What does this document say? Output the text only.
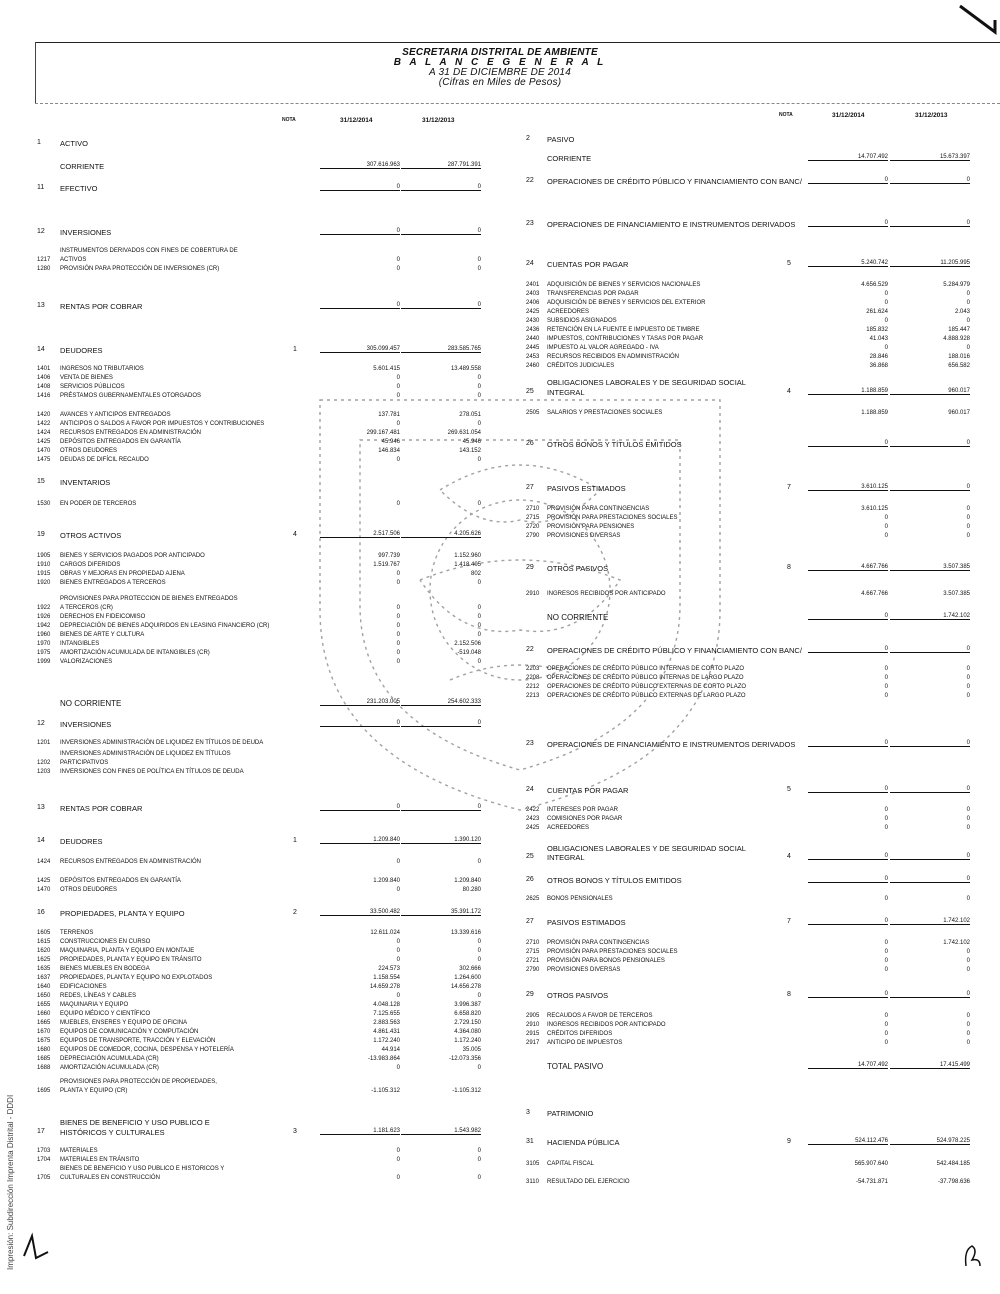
SECRETARIA DISTRITAL DE AMBIENTE
B A L A N C E G E N E R A L
A 31 DE DICIEMBRE DE 2014
(Cifras en Miles de Pesos)
NOTA	31/12/2014	31/12/2013
NOTA	31/12/2014	31/12/2013
1	ACTIVO
CORRIENTE	307.616.963	287.791.391
11 EFECTIVO	0	0
12 INVERSIONES	0	0
INSTRUMENTOS DERIVADOS CON FINES DE COBERTURA DE
1217 ACTIVOS	0	0
1280 PROVISIÓN PARA PROTECCIÓN DE INVERSIONES (CR)	0	0
13 RENTAS POR COBRAR	0	0
14 DEUDORES	1	305.099.457	283.585.765
1401 INGRESOS NO TRIBUTARIOS	5.601.415	13.489.558
1406 VENTA DE BIENES	0	0
1408 SERVICIOS PÚBLICOS	0	0
1416 PRÉSTAMOS GUBERNAMENTALES OTORGADOS	0	0
1420 AVANCES Y ANTICIPOS ENTREGADOS	137.781	278.051
1422 ANTICIPOS O SALDOS A FAVOR POR IMPUESTOS Y CONTRIBUCIONES	0	0
1424 RECURSOS ENTREGADOS EN ADMINISTRACIÓN	299.167.481	269.631.054
1425 DEPÓSITOS ENTREGADOS EN GARANTÍA	45.946	45.946
1470 OTROS DEUDORES	146.834	143.152
1475 DEUDAS DE DIFÍCIL RECAUDO	0	0
15 INVENTARIOS
1530 EN PODER DE TERCEROS	0	0
19 OTROS ACTIVOS	4	2.517.506	4.205.626
1905 BIENES Y SERVICIOS PAGADOS POR ANTICIPADO	997.739	1.152.960
1910 CARGOS DIFERIDOS	1.519.767	1.418.405
1915 OBRAS Y MEJORAS EN PROPIEDAD AJENA	0	802
1920 BIENES ENTREGADOS A TERCEROS	0	0
PROVISIONES PARA PROTECCION DE BIENES ENTREGADOS
1922 A TERCEROS (CR)	0	0
1926 DERECHOS EN FIDEICOMISO	0	0
1942 DEPRECIACIÓN DE BIENES ADQUIRIDOS EN LEASING FINANCIERO (CR)	0	0
1960 BIENES DE ARTE Y CULTURA	0	0
1970 INTANGIBLES	0	2.152.506
1975 AMORTIZACIÓN ACUMULADA DE INTANGIBLES (CR)	0	-519.048
1999 VALORIZACIONES	0	0
NO CORRIENTE	231.203.005	254.602.333
12 INVERSIONES	0	0
1201 INVERSIONES ADMINISTRACIÓN DE LIQUIDEZ EN TÍTULOS DE DEUDA
INVERSIONES ADMINISTRACIÓN DE LIQUIDEZ EN TÍTULOS
1202 PARTICIPATIVOS
1203 INVERSIONES CON FINES DE POLÍTICA EN TÍTULOS DE DEUDA
13 RENTAS POR COBRAR	0	0
14 DEUDORES	1	1.209.840	1.390.120
1424 RECURSOS ENTREGADOS EN ADMINISTRACIÓN	0	0
1425 DEPÓSITOS ENTREGADOS EN GARANTÍA	1.209.840	1.209.840
1470 OTROS DEUDORES	0	80.280
16 PROPIEDADES, PLANTA Y EQUIPO	2	33.500.482	35.391.172
1605 TERRENOS	12.611.024	13.339.616
1615 CONSTRUCCIONES EN CURSO	0	0
1620 MAQUINARIA, PLANTA Y EQUIPO EN MONTAJE	0	0
1625 PROPIEDADES, PLANTA Y EQUIPO EN TRÁNSITO	0	0
1635 BIENES MUEBLES EN BODEGA	224.573	302.666
1637 PROPIEDADES, PLANTA Y EQUIPO NO EXPLOTADOS	1.158.554	1.264.600
1640 EDIFICACIONES	14.659.278	14.656.278
1650 REDES, LÍNEAS Y CABLES	0	0
1655 MAQUINARIA Y EQUIPO	4.048.128	3.996.387
1660 EQUIPO MÉDICO Y CIENTÍFICO	7.125.655	6.658.820
1665 MUEBLES, ENSERES Y EQUIPO DE OFICINA	2.883.563	2.729.150
1670 EQUIPOS DE COMUNICACIÓN Y COMPUTACIÓN	4.861.431	4.364.080
1675 EQUIPOS DE TRANSPORTE, TRACCIÓN Y ELEVACIÓN	1.172.240	1.172.240
1680 EQUIPOS DE COMEDOR, COCINA, DESPENSA Y HOTELERÍA	44.914	35.005
1685 DEPRECIACIÓN ACUMULADA (CR)	-13.983.864	-12.073.356
1688 AMORTIZACIÓN ACUMULADA (CR)	0	0
PROVISIONES PARA PROTECCIÓN DE PROPIEDADES,
1695 PLANTA Y EQUIPO (CR)	-1.105.312	-1.105.312
BIENES DE BENEFICIO Y USO PUBLICO E
17 HISTÓRICOS Y CULTURALES	3	1.181.623	1.543.982
1703 MATERIALES	0	0
1704 MATERIALES EN TRÁNSITO	0	0
BIENES DE BENEFICIO Y USO PUBLICO E HISTORICOS Y
1705 CULTURALES EN CONSTRUCCIÓN	0	0
2 PASIVO
CORRIENTE	14.707.492	15.673.397
22 OPERACIONES DE CRÉDITO PÚBLICO Y FINANCIAMIENTO CON BANC/	0	0
23 OPERACIONES DE FINANCIAMIENTO E INSTRUMENTOS DERIVADOS	0	0
24 CUENTAS POR PAGAR	5	5.240.742	11.205.995
2401 ADQUISICIÓN DE BIENES Y SERVICIOS NACIONALES	4.656.529	5.284.979
2403 TRANSFERENCIAS POR PAGAR	0	0
2406 ADQUISICIÓN DE BIENES Y SERVICIOS DEL EXTERIOR	0	0
2425 ACREEDORES	261.624	2.043
2430 SUBSIDIOS ASIGNADOS	0	0
2436 RETENCIÓN EN LA FUENTE E IMPUESTO DE TIMBRE	185.832	185.447
2440 IMPUESTOS, CONTRIBUCIONES Y TASAS POR PAGAR	41.043	4.888.928
2445 IMPUESTO AL VALOR AGREGADO - IVA	0	0
2453 RECURSOS RECIBIDOS EN ADMINISTRACIÓN	28.846	188.016
2460 CRÉDITOS JUDICIALES	36.868	656.582
OBLIGACIONES LABORALES Y DE SEGURIDAD SOCIAL
25 INTEGRAL	4	1.188.859	960.017
2505 SALARIOS Y PRESTACIONES SOCIALES	1.188.859	960.017
26 OTROS BONOS Y TÍTULOS EMITIDOS	0	0
27 PASIVOS ESTIMADOS	7	3.610.125	0
2710 PROVISIÓN PARA CONTINGENCIAS	3.610.125	0
2715 PROVISIÓN PARA PRESTACIONES SOCIALES	0	0
2720 PROVISIÓN PARA PENSIONES	0	0
2790 PROVISIONES DIVERSAS	0	0
29 OTROS PASIVOS	8	4.667.766	3.507.385
2910 INGRESOS RECIBIDOS POR ANTICIPADO	4.667.766	3.507.385
NO CORRIENTE	0	1.742.102
22 OPERACIONES DE CRÉDITO PÚBLICO Y FINANCIAMIENTO CON BANC/	0	0
2203 OPERACIONES DE CRÉDITO PÚBLICO INTERNAS DE CORTO PLAZO	0	0
2208 OPERACIONES DE CRÉDITO PÚBLICO INTERNAS DE LARGO PLAZO	0	0
2212 OPERACIONES DE CRÉDITO PÚBLICO EXTERNAS DE CORTO PLAZO	0	0
2213 OPERACIONES DE CRÉDITO PÚBLICO EXTERNAS DE LARGO PLAZO	0	0
23 OPERACIONES DE FINANCIAMIENTO E INSTRUMENTOS DERIVADOS	0	0
24 CUENTAS POR PAGAR	5	0	0
2422 INTERESES POR PAGAR	0	0
2423 COMISIONES POR PAGAR	0	0
2425 ACREEDORES	0	0
OBLIGACIONES LABORALES Y DE SEGURIDAD SOCIAL
25 INTEGRAL	4	0	0
26 OTROS BONOS Y TÍTULOS EMITIDOS	0	0
2625 BONOS PENSIONALES	0	0
27 PASIVOS ESTIMADOS	7	0	1.742.102
2710 PROVISIÓN PARA CONTINGENCIAS	0	1.742.102
2715 PROVISIÓN PARA PRESTACIONES SOCIALES	0	0
2721 PROVISIÓN PARA BONOS PENSIONALES	0	0
2790 PROVISIONES DIVERSAS	0	0
29 OTROS PASIVOS	8	0	0
2905 RECAUDOS A FAVOR DE TERCEROS	0	0
2910 INGRESOS RECIBIDOS POR ANTICIPADO	0	0
2915 CRÉDITOS DIFERIDOS	0	0
2917 ANTICIPO DE IMPUESTOS	0	0
TOTAL PASIVO	14.707.492	17.415.499
3 PATRIMONIO
31 HACIENDA PÚBLICA	9	524.112.476	524.978.225
3105 CAPITAL FISCAL	565.907.640	542.484.185
3110 RESULTADO DEL EJERCICIO	-54.731.871	-37.798.636
Impresión: Subdirección Imprenta Distrital - DDDI
